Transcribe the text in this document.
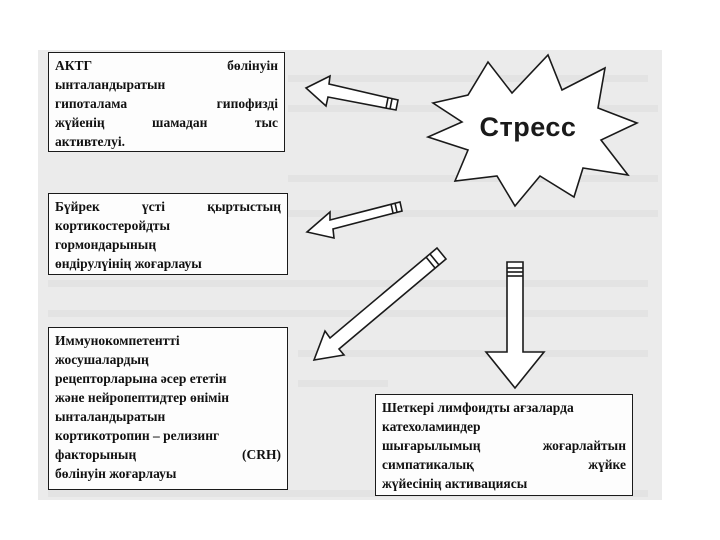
Стресс
АКТГ	бөлінуін
ынталандыратын
гипоталама	гипофизді
жүйенің	шамадан	тыс
активтелуі.
Бүйрек	үсті	қыртыстың
кортикостеройдты
гормондарының
өндірулүінің жоғарлауы
Иммунокомпетентті
жосушалардың
рецепторларына әсер ететін
және нейропептидтер өнімін
ынталандыратын
кортикотропин – релизинг
факторының	(CRH)
бөлінуін жоғарлауы
Шеткері лимфоидты ағзаларда
катехоламиндер
шығарылымың	жоғарлайтын
симпатикалық	жүйке
жүйесінің активациясы
